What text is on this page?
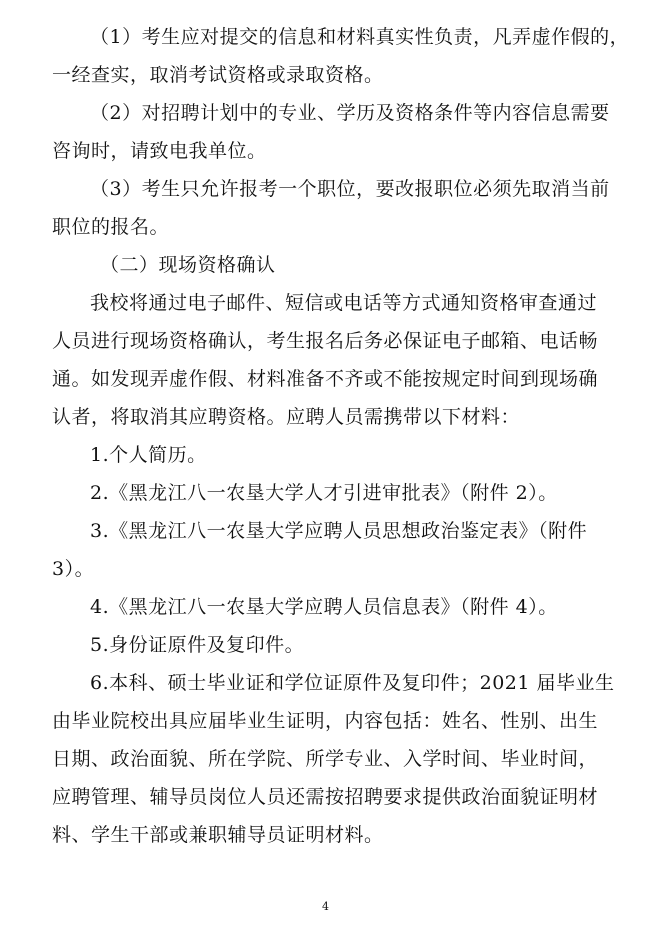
（1）考生应对提交的信息和材料真实性负责，凡弄虚作假的，
一经查实，取消考试资格或录取资格。
（2）对招聘计划中的专业、学历及资格条件等内容信息需要
咨询时，请致电我单位。
（3）考生只允许报考一个职位，要改报职位必须先取消当前
职位的报名。
（二）现场资格确认
我校将通过电子邮件、短信或电话等方式通知资格审查通过
人员进行现场资格确认，考生报名后务必保证电子邮箱、电话畅
通。如发现弄虚作假、材料准备不齐或不能按规定时间到现场确
认者，将取消其应聘资格。应聘人员需携带以下材料：
1.个人简历。
2.《黑龙江八一农垦大学人才引进审批表》（附件 2）。
3.《黑龙江八一农垦大学应聘人员思想政治鉴定表》（附件
3）。
4.《黑龙江八一农垦大学应聘人员信息表》（附件 4）。
5.身份证原件及复印件。
6.本科、硕士毕业证和学位证原件及复印件；2021 届毕业生
由毕业院校出具应届毕业生证明，内容包括：姓名、性别、出生
日期、政治面貌、所在学院、所学专业、入学时间、毕业时间，
应聘管理、辅导员岗位人员还需按招聘要求提供政治面貌证明材
料、学生干部或兼职辅导员证明材料。
4
